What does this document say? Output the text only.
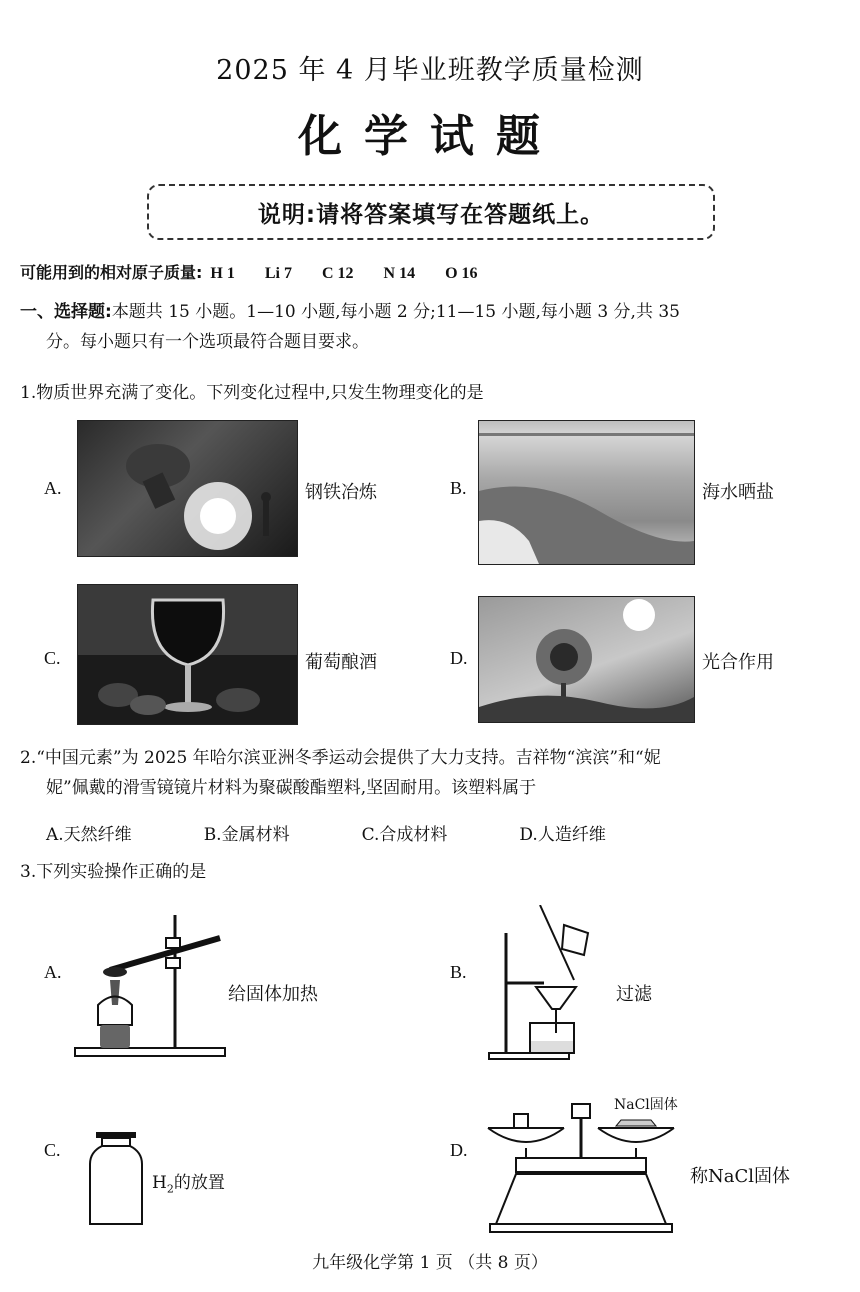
2025 年 4 月毕业班教学质量检测
化学试题
说明:请将答案填写在答题纸上。
可能用到的相对原子质量: H 1 Li 7 C 12 N 14 O 16
一、选择题:本题共 15 小题。1—10 小题,每小题 2 分;11—15 小题,每小题 3 分,共 35
分。每小题只有一个选项最符合题目要求。
1.物质世界充满了变化。下列变化过程中,只发生物理变化的是
A.	钢铁冶炼	B.	海水晒盐
C.	葡萄酿酒	D.	光合作用
2.“中国元素”为 2025 年哈尔滨亚洲冬季运动会提供了大力支持。吉祥物“滨滨”和“妮
妮”佩戴的滑雪镜镜片材料为聚碳酸酯塑料,坚固耐用。该塑料属于
A.天然纤维	B.金属材料	C.合成材料	D.人造纤维
3.下列实验操作正确的是
A.
给固体加热
B.
过滤
C.
$H_2$的放置
D.
NaCl固体
称NaCl固体
九年级化学第 1 页 （共 8 页）
